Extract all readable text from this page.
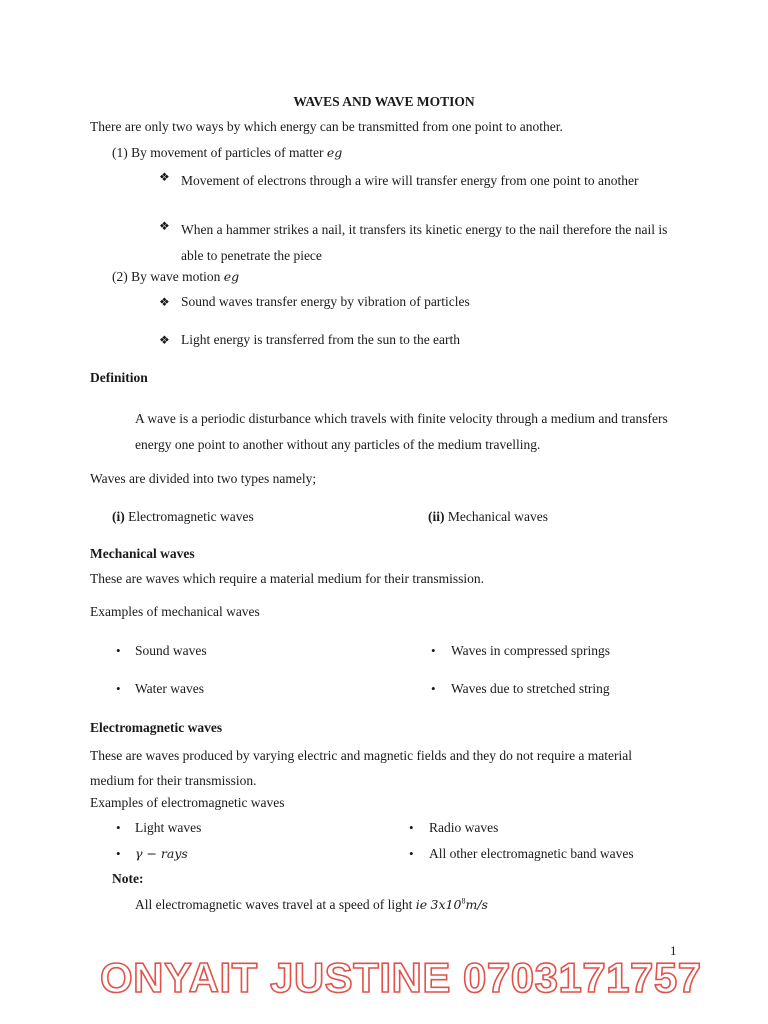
WAVES AND WAVE MOTION
There are only two ways by which energy can be transmitted from one point to another.
(1) By movement of particles of matter eg
❖ Movement of electrons through a wire will transfer energy from one point to another
❖ When a hammer strikes a nail, it transfers its kinetic energy to the nail therefore the nail is able to penetrate the piece
(2) By wave motion eg
❖ Sound waves transfer energy by vibration of particles
❖ Light energy is transferred from the sun to the earth
Definition
A wave is a periodic disturbance which travels with finite velocity through a medium and transfers energy one point to another without any particles of the medium travelling.
Waves are divided into two types namely;
(i) Electromagnetic waves	(ii) Mechanical waves
Mechanical waves
These are waves which require a material medium for their transmission.
Examples of mechanical waves
• Sound waves	• Waves in compressed springs
• Water waves	• Waves due to stretched string
Electromagnetic waves
These are waves produced by varying electric and magnetic fields and they do not require a material medium for their transmission.
Examples of electromagnetic waves
• Light waves	• Radio waves
• γ − rays	• All other electromagnetic band waves
Note:
All electromagnetic waves travel at a speed of light ie $3x10^8m/s$
1
ONYAIT JUSTINE 0703171757
